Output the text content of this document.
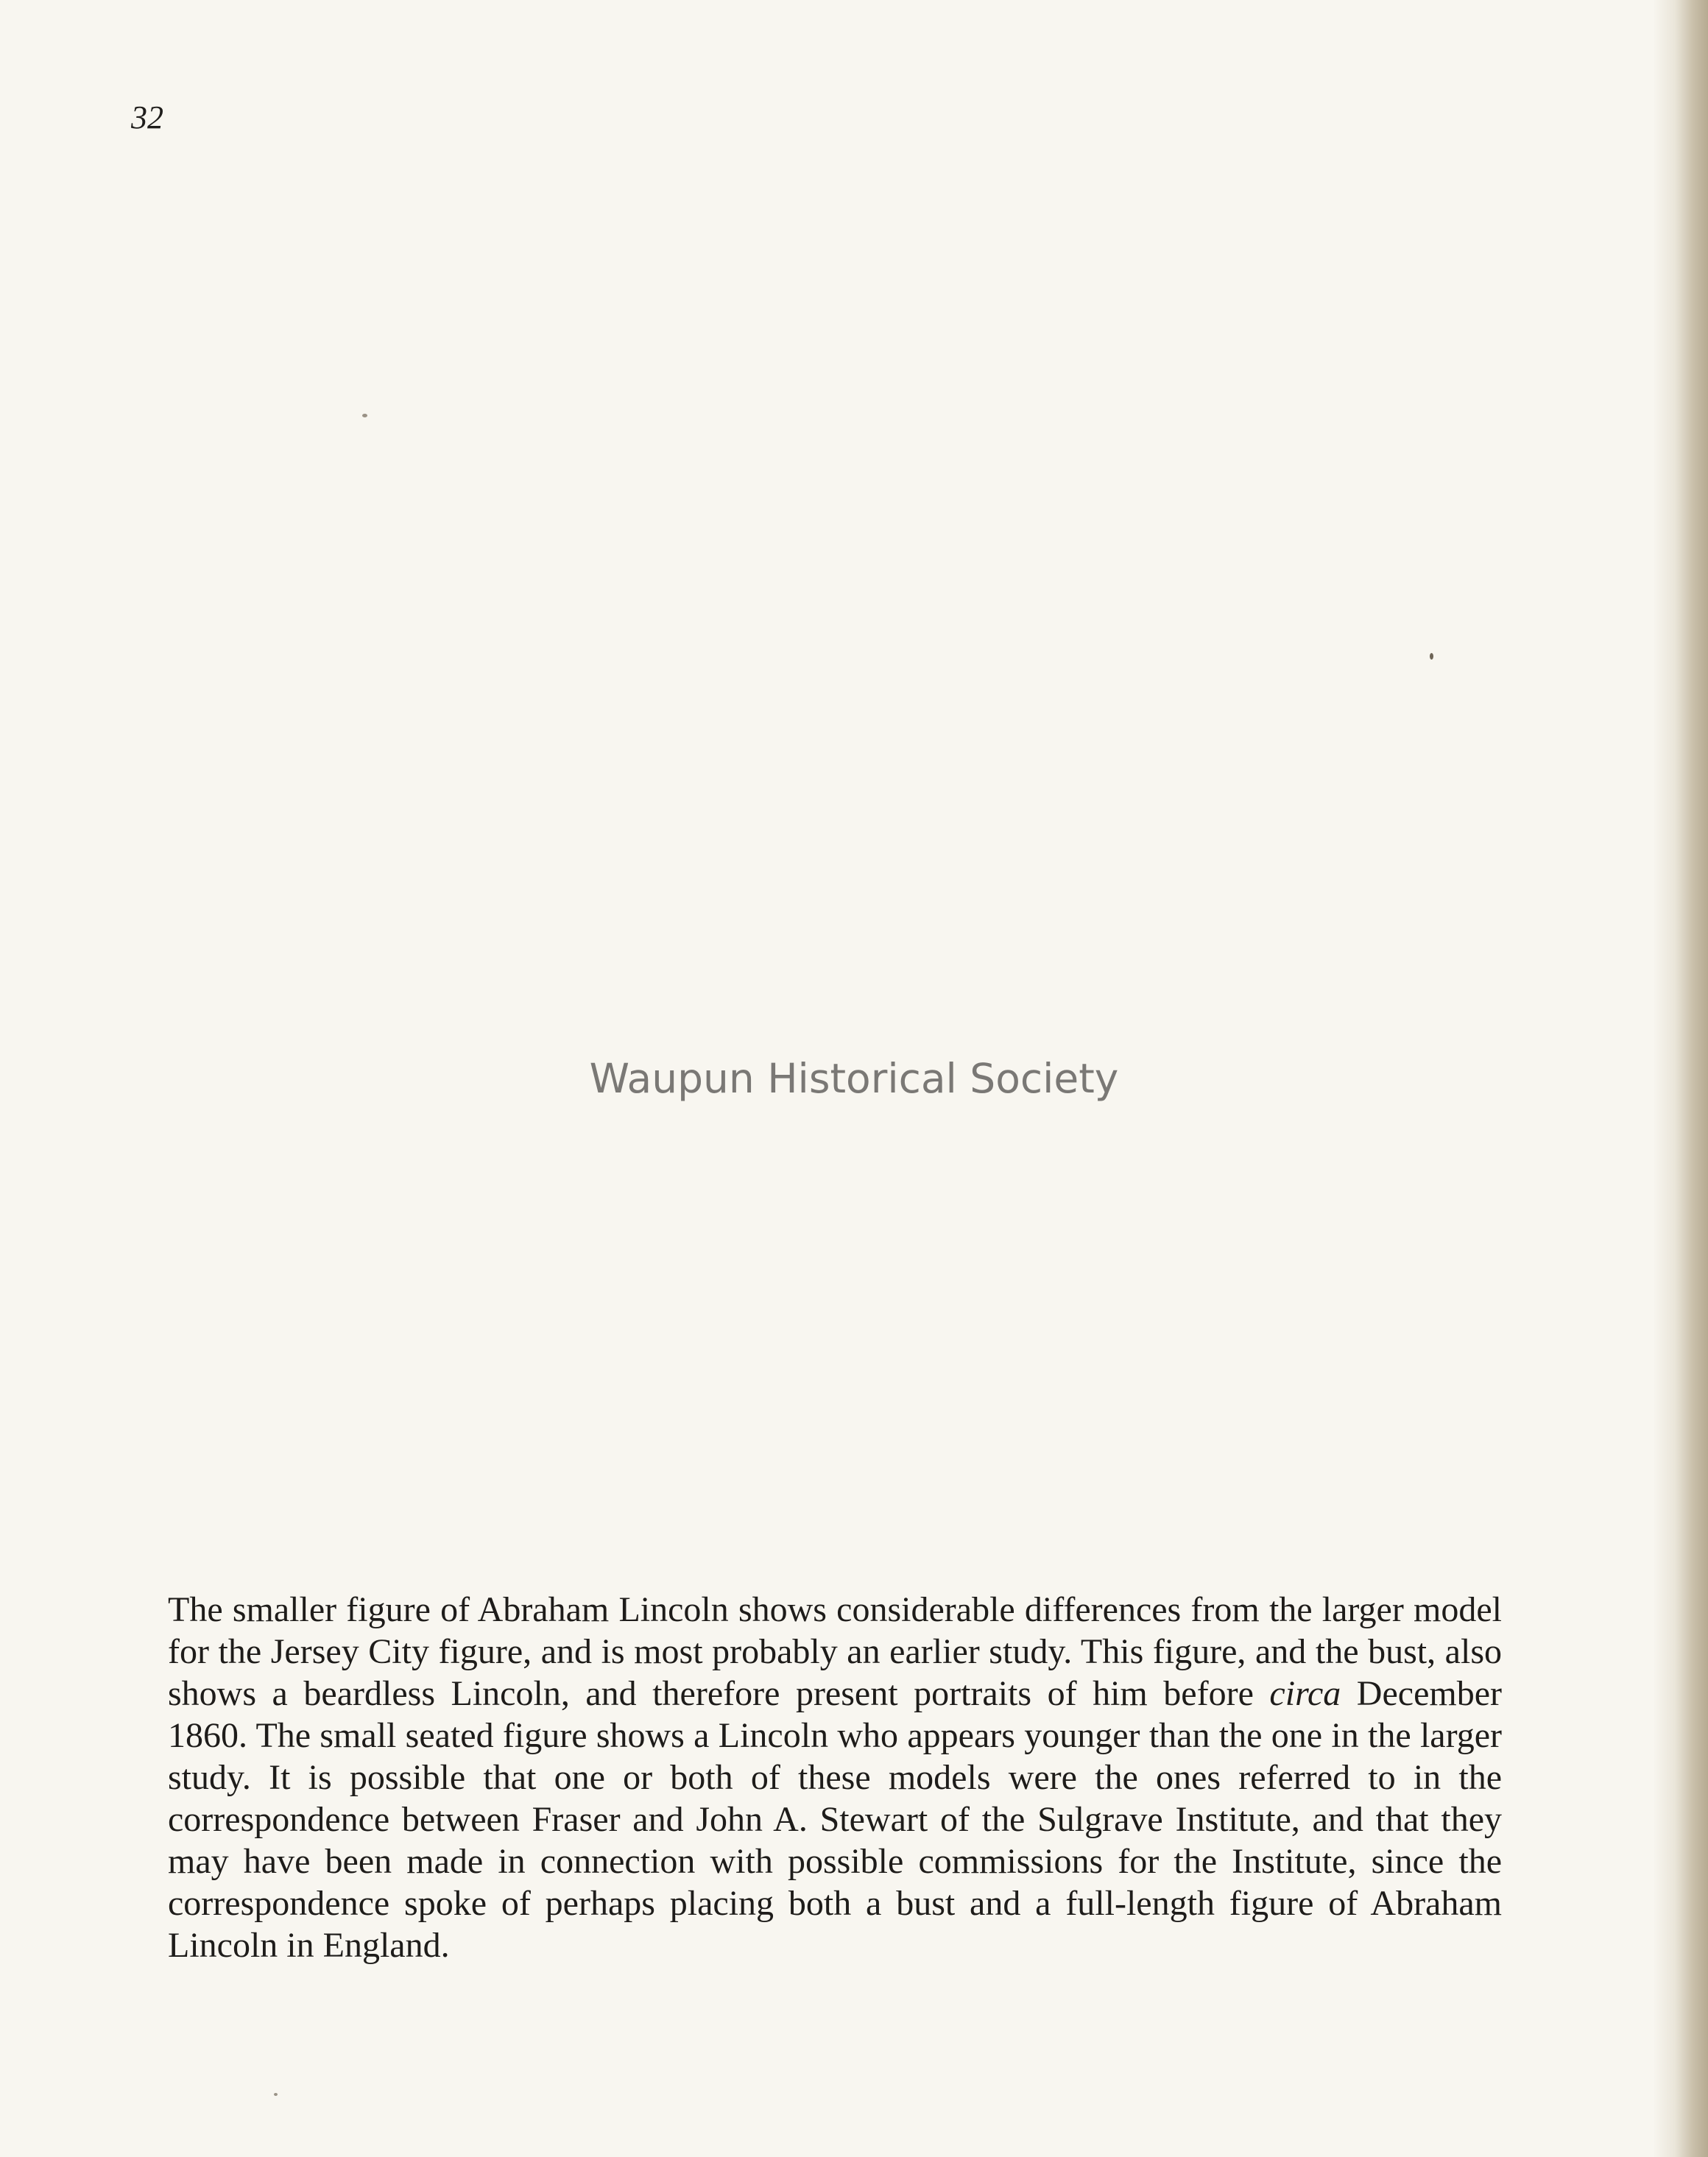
32
Waupun Historical Society

The smaller figure of Abraham Lincoln shows considerable differences from the larger model for the Jersey City figure, and is most probably an earlier study. This figure, and the bust, also shows a beardless Lincoln, and therefore present portraits of him before circa December 1860. The small seated figure shows a Lincoln who appears younger than the one in the larger study. It is possible that one or both of these models were the ones referred to in the correspondence between Fraser and John A. Stewart of the Sulgrave Institute, and that they may have been made in connection with possible commissions for the Institute, since the correspondence spoke of perhaps placing both a bust and a full-length figure of Abraham Lincoln in England.
